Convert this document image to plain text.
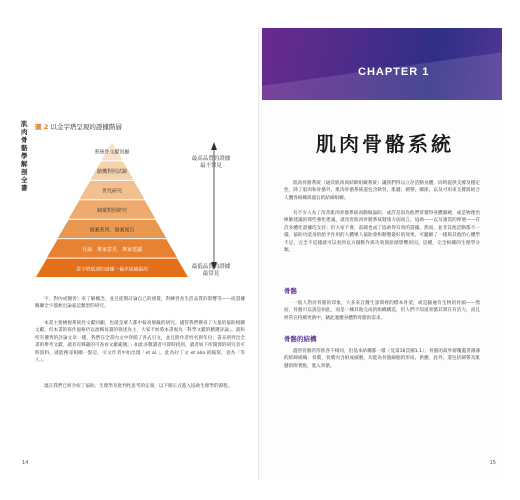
肌肉骨骼學解剖全書
圖 2 以金字塔呈現的證據階層
系統性文獻回顧
隨機對照試驗
世代研究
個案對照研究
個案系列．個案報告
社論．專家意見．專家建議
金字塔底部的證據－偏差風險最高
最高品質的證據
最不常見
最低品質的證據
最常見
字，對內或醫習）來了解概念，並且從期討論自己的感覺，對練習查生活品質的影響等——而證據關聯全字描無出論嘉這類型的研究。
本書主要檢視系統性文獻回顧，也就是眾人都中較高層級的研究。儘管我們搜尋了大量的協助相關文獻，但本書的寫作風格仍以流暢易讀的敘述為主，大家不妨將本書視為「科學文獻的精選評論」。就和所有優秀的評論文章一樣，我們在全書內文中穿插了各式引文，並且附作者姓名與年份；書末則列出全書的參考文獻，讀者有興趣的可查看文獻範圍。」如此多數讀者可即時找到，讀者如下所開發的研究者可時資料，就能搜尋相關一點是，引文作者中如出現「et al.」，此為拉丁文 et alia 的縮寫，意為「等人」。
現在我們已經介紹了協助，生理學及批判性思考的定義，以下簡正式進入協助生理學的節程。
14
CHAPTER 1
肌肉骨骼系統
肌肉骨骼系統（通次肌肉與結締組織系統）讓我們得以立存活動身體，同時提供支撐及穩定性，除了肌肉和骨骼外，肌肉骨骼系統還包含軟骨、肌腱、韌帶、關節，以及可用來支撐與組合人體各組織與器官的結締組織。
有不少人為了改善肌肉骨骼系統而動做協助，或許是因為他們常覺得身體僵硬，或是物理治療師建議的那些強化建議，就改善肌肉骨骼系統健康方面而言，協助——以及適當的伸展——有許多體化證據均支持；但大家不會，前綴也成了協助得有效的證據，然而，並非其他活動都不一樣，協助功能身的給予作用的人體眾人協助會和動態最好的效果，可聽解了一樣與其他的心體學不足，完全不這樣就可以看到以方個動作與功效與原創影響原因。這種，完全相關的生理學分類。
骨骼
一般人對於骨骼的印象，大多來自醫生診間裡的標本骨架，或是隨處有生物的骨頭——然而，骨骼可以說是如此，而是一棟其他完成的組織構造，但人們不知道骨骼其實在有活力，而且經常在持續更新中，藉此適應身體對骨骼的需求。
骨骼的結構
儘管骨骼的形狀各不相同，但基本結構都一樣（見第16頁圖1.1），骨骼的最外層覆蓋著薄薄的結締組織：骨膜，骨膜內含組成細胞，功能為骨骼細胞的形成、供應、此外，還包括韌帶及肌腱的附著點，進入骨骼。
15
